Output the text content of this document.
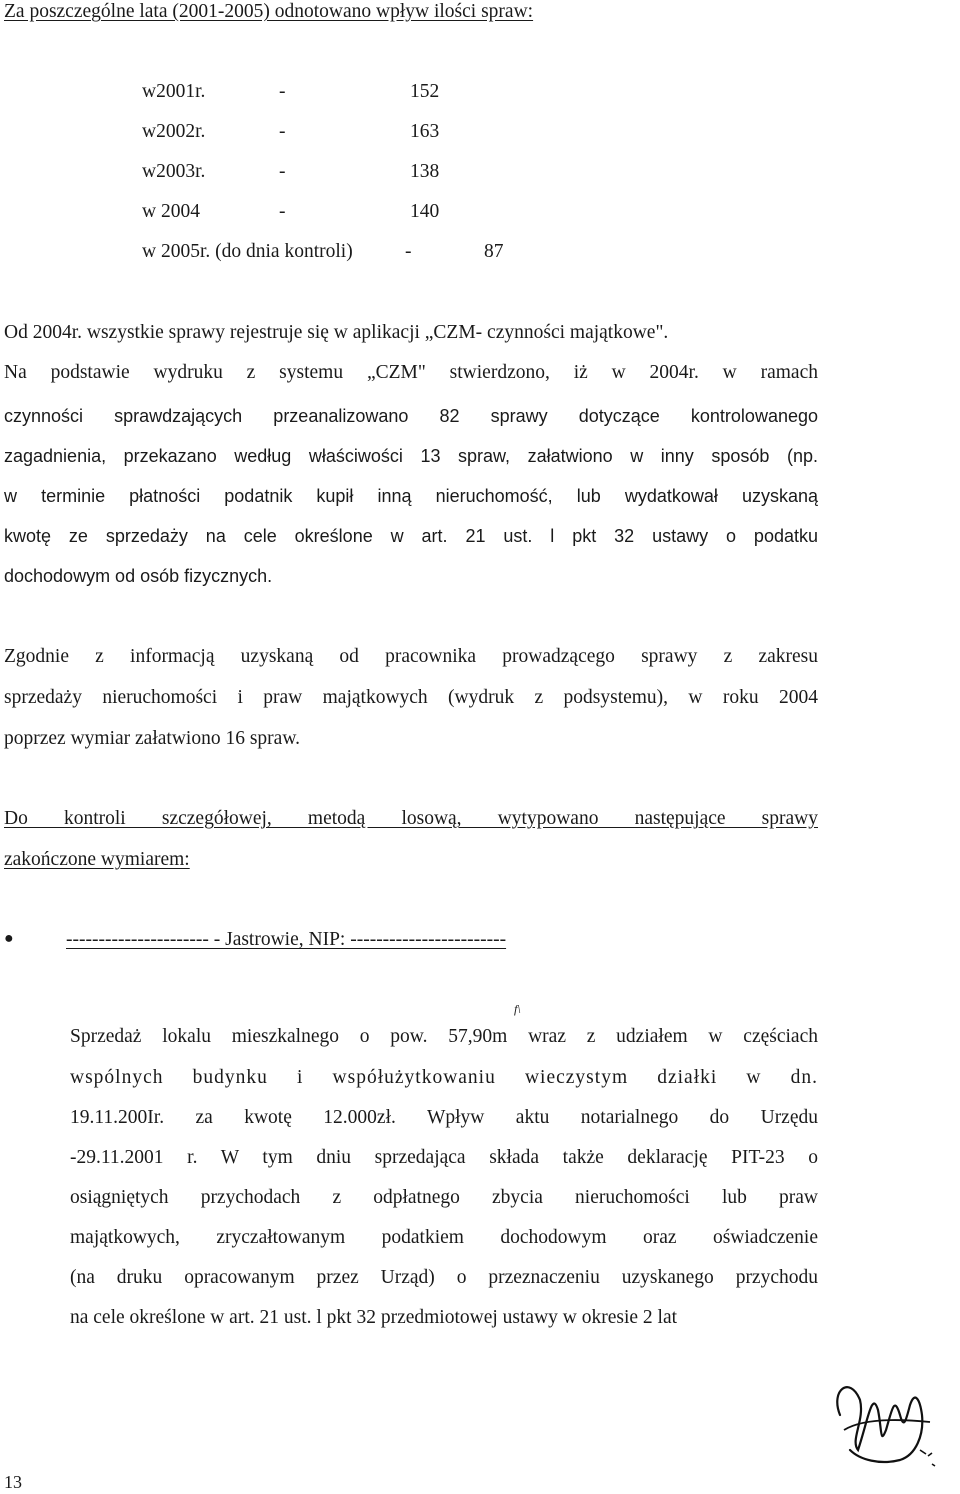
Za poszczególne lata (2001-2005) odnotowano wpływ ilości spraw:
w2001r.	-	152
w2002r.	-	163
w2003r.	-	138
w 2004	-	140
w 2005r. (do dnia kontroli)	-	87
Od 2004r. wszystkie sprawy rejestruje się w aplikacji „CZM- czynności majątkowe".
Na podstawie wydruku z systemu „CZM" stwierdzono, iż w 2004r. w ramach
czynności sprawdzających przeanalizowano 82 sprawy dotyczące kontrolowanego
zagadnienia, przekazano według właściwości 13 spraw, załatwiono w inny sposób (np.
w terminie płatności podatnik kupił inną nieruchomość, lub wydatkował uzyskaną
kwotę ze sprzedaży na cele określone w art. 21 ust. l pkt 32 ustawy o podatku
dochodowym od osób fizycznych.
Zgodnie z informacją uzyskaną od pracownika prowadzącego sprawy z zakresu
sprzedaży nieruchomości i praw majątkowych (wydruk z podsystemu), w roku 2004
poprzez wymiar załatwiono 16 spraw.
Do kontroli szczegółowej, metodą losową, wytypowano następujące sprawy
zakończone wymiarem:
●	---------------------- - Jastrowie, NIP: ------------------------
f\
Sprzedaż lokalu mieszkalnego o pow. 57,90m wraz z udziałem w częściach
wspólnych budynku i współużytkowaniu wieczystym działki w dn.
19.11.200Ir. za kwotę 12.000zł. Wpływ aktu notarialnego do Urzędu
-29.11.2001 r. W tym dniu sprzedająca składa także deklarację PIT-23 o
osiągniętych przychodach z odpłatnego zbycia nieruchomości lub praw
majątkowych, zryczałtowanym podatkiem dochodowym oraz oświadczenie
(na druku opracowanym przez Urząd) o przeznaczeniu uzyskanego przychodu
na cele określone w art. 21 ust. l pkt 32 przedmiotowej ustawy w okresie 2 lat
13
